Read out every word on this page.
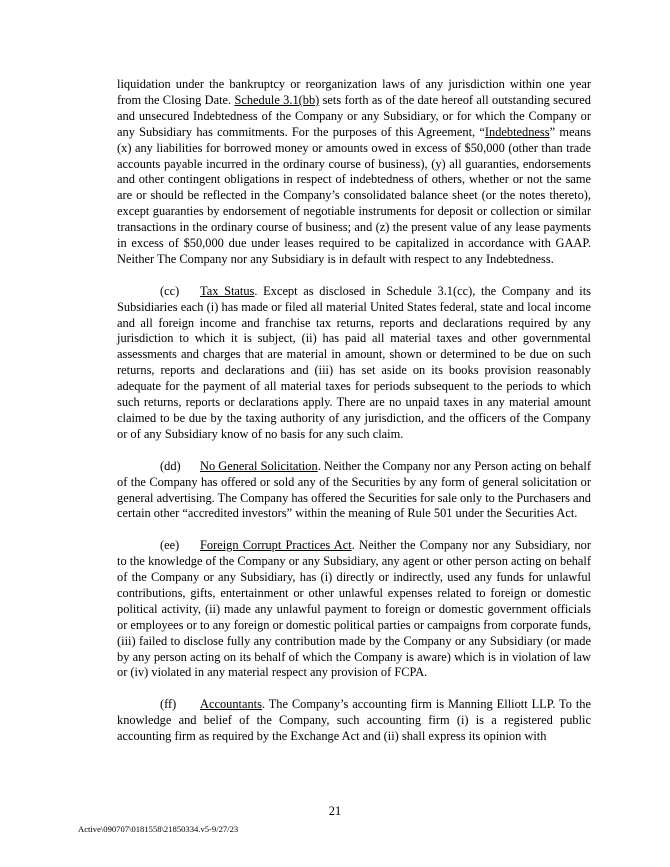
liquidation under the bankruptcy or reorganization laws of any jurisdiction within one year from the Closing Date. Schedule 3.1(bb) sets forth as of the date hereof all outstanding secured and unsecured Indebtedness of the Company or any Subsidiary, or for which the Company or any Subsidiary has commitments. For the purposes of this Agreement, “Indebtedness” means (x) any liabilities for borrowed money or amounts owed in excess of $50,000 (other than trade accounts payable incurred in the ordinary course of business), (y) all guaranties, endorsements and other contingent obligations in respect of indebtedness of others, whether or not the same are or should be reflected in the Company’s consolidated balance sheet (or the notes thereto), except guaranties by endorsement of negotiable instruments for deposit or collection or similar transactions in the ordinary course of business; and (z) the present value of any lease payments in excess of $50,000 due under leases required to be capitalized in accordance with GAAP. Neither The Company nor any Subsidiary is in default with respect to any Indebtedness.

(cc) Tax Status. Except as disclosed in Schedule 3.1(cc), the Company and its Subsidiaries each (i) has made or filed all material United States federal, state and local income and all foreign income and franchise tax returns, reports and declarations required by any jurisdiction to which it is subject, (ii) has paid all material taxes and other governmental assessments and charges that are material in amount, shown or determined to be due on such returns, reports and declarations and (iii) has set aside on its books provision reasonably adequate for the payment of all material taxes for periods subsequent to the periods to which such returns, reports or declarations apply. There are no unpaid taxes in any material amount claimed to be due by the taxing authority of any jurisdiction, and the officers of the Company or of any Subsidiary know of no basis for any such claim.

(dd) No General Solicitation. Neither the Company nor any Person acting on behalf of the Company has offered or sold any of the Securities by any form of general solicitation or general advertising. The Company has offered the Securities for sale only to the Purchasers and certain other “accredited investors” within the meaning of Rule 501 under the Securities Act.

(ee) Foreign Corrupt Practices Act. Neither the Company nor any Subsidiary, nor to the knowledge of the Company or any Subsidiary, any agent or other person acting on behalf of the Company or any Subsidiary, has (i) directly or indirectly, used any funds for unlawful contributions, gifts, entertainment or other unlawful expenses related to foreign or domestic political activity, (ii) made any unlawful payment to foreign or domestic government officials or employees or to any foreign or domestic political parties or campaigns from corporate funds, (iii) failed to disclose fully any contribution made by the Company or any Subsidiary (or made by any person acting on its behalf of which the Company is aware) which is in violation of law or (iv) violated in any material respect any provision of FCPA.

(ff) Accountants. The Company’s accounting firm is Manning Elliott LLP. To the knowledge and belief of the Company, such accounting firm (i) is a registered public accounting firm as required by the Exchange Act and (ii) shall express its opinion with

21
Active\090707\0181558\21850334.v5-9/27/23
